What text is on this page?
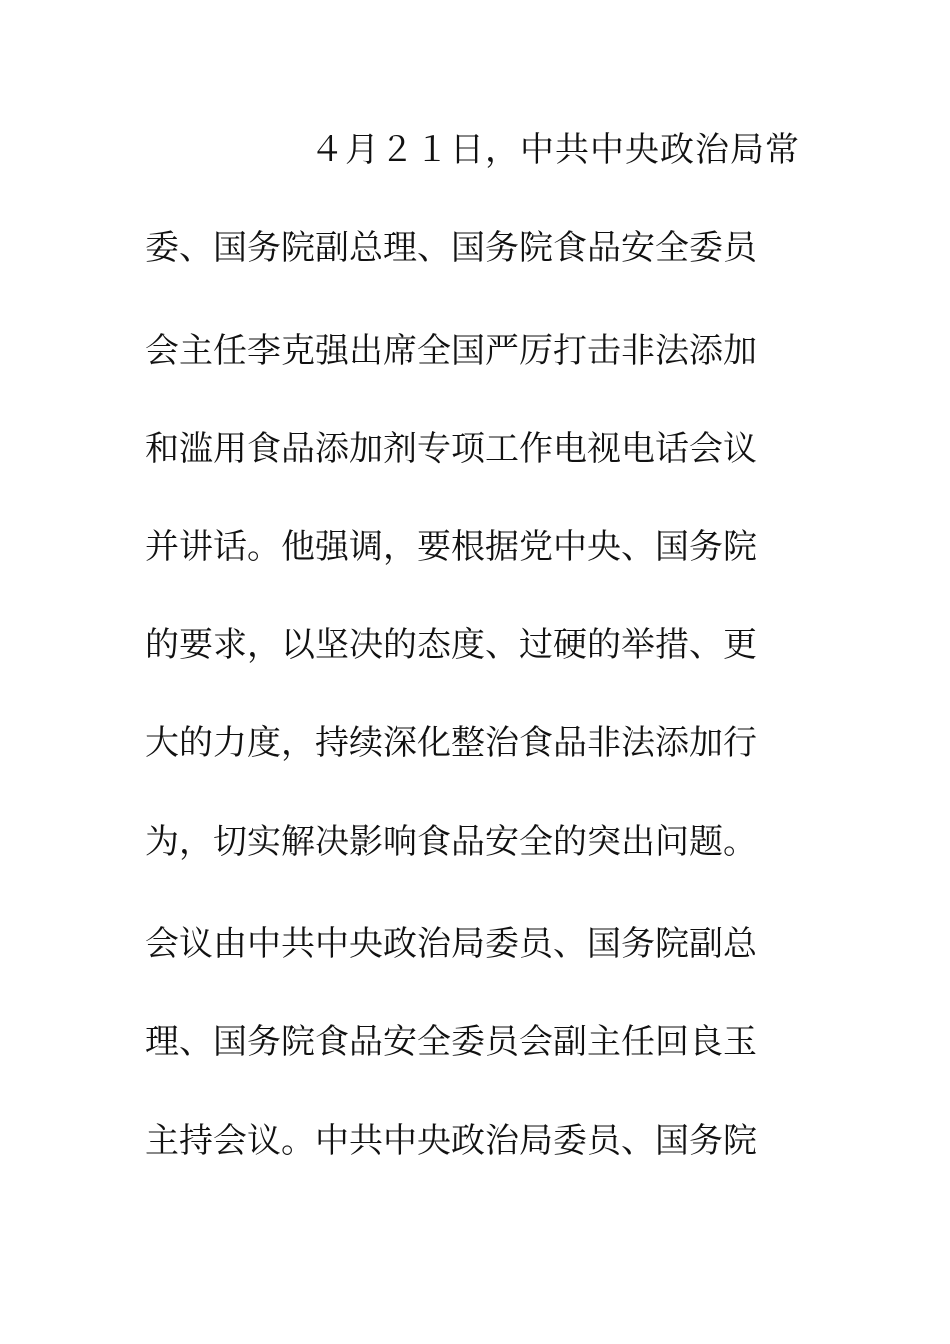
４月２１日，中共中央政治局常
委、国务院副总理、国务院食品安全委员
会主任李克强出席全国严厉打击非法添加
和滥用食品添加剂专项工作电视电话会议
并讲话。他强调，要根据党中央、国务院
的要求，以坚决的态度、过硬的举措、更
大的力度，持续深化整治食品非法添加行
为，切实解决影响食品安全的突出问题。
会议由中共中央政治局委员、国务院副总
理、国务院食品安全委员会副主任回良玉
主持会议。中共中央政治局委员、国务院
